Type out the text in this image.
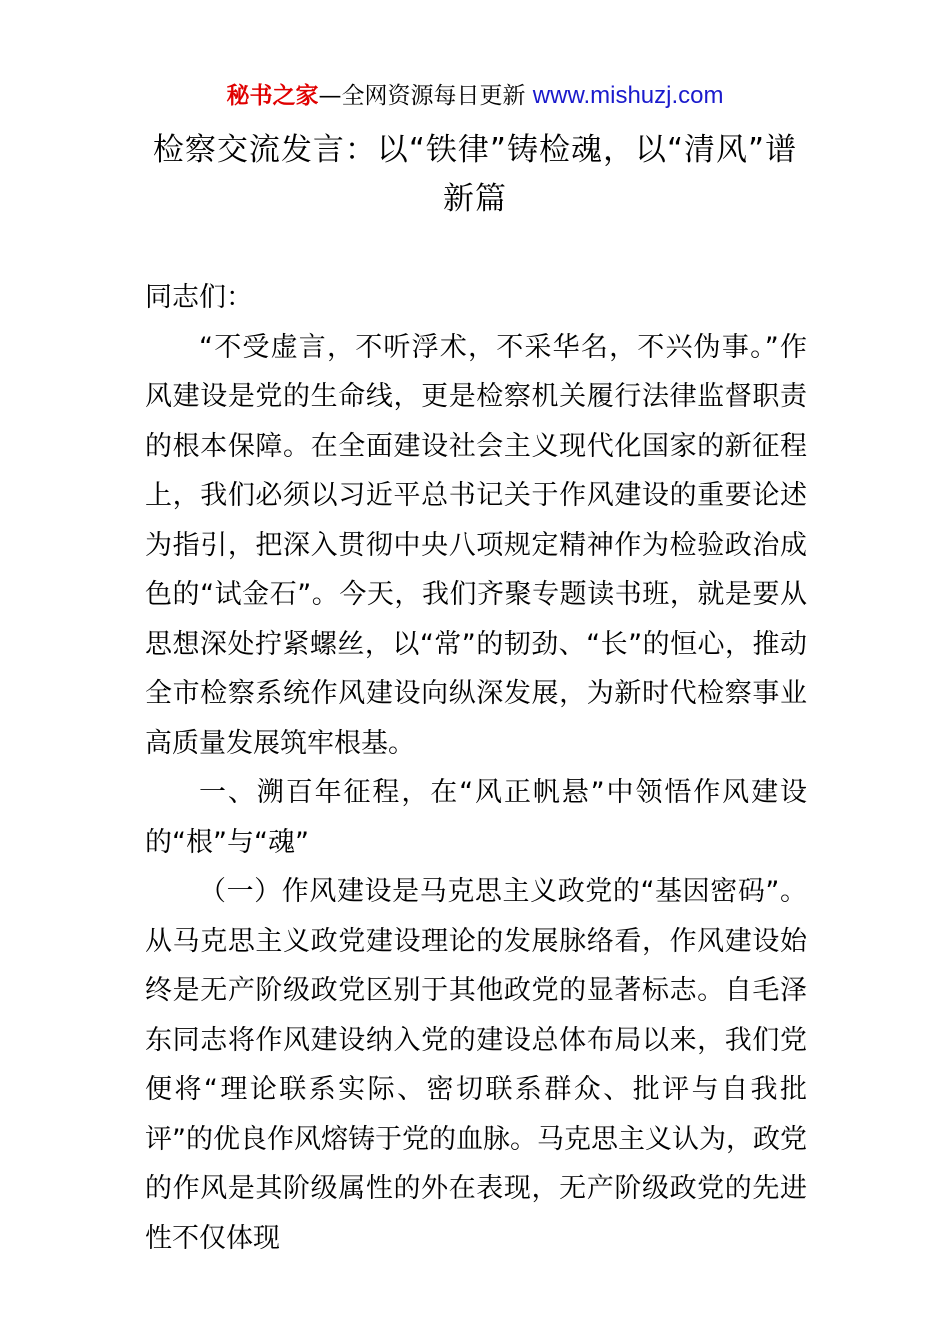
秘书之家—全网资源每日更新 www.mishuzj.com
检察交流发言：以“铁律”铸检魂，以“清风”谱新篇

同志们：

“不受虚言，不听浮术，不采华名，不兴伪事。”作风建设是党的生命线，更是检察机关履行法律监督职责的根本保障。在全面建设社会主义现代化国家的新征程上，我们必须以习近平总书记关于作风建设的重要论述为指引，把深入贯彻中央八项规定精神作为检验政治成色的“试金石”。今天，我们齐聚专题读书班，就是要从思想深处拧紧螺丝，以“常”的韧劲、“长”的恒心，推动全市检察系统作风建设向纵深发展，为新时代检察事业高质量发展筑牢根基。

一、溯百年征程，在“风正帆悬”中领悟作风建设的“根”与“魂”

（一）作风建设是马克思主义政党的“基因密码”。从马克思主义政党建设理论的发展脉络看，作风建设始终是无产阶级政党区别于其他政党的显著标志。自毛泽东同志将作风建设纳入党的建设总体布局以来，我们党便将“理论联系实际、密切联系群众、批评与自我批评”的优良作风熔铸于党的血脉。马克思主义认为，政党的作风是其阶级属性的外在表现，无产阶级政党的先进性不仅体现
